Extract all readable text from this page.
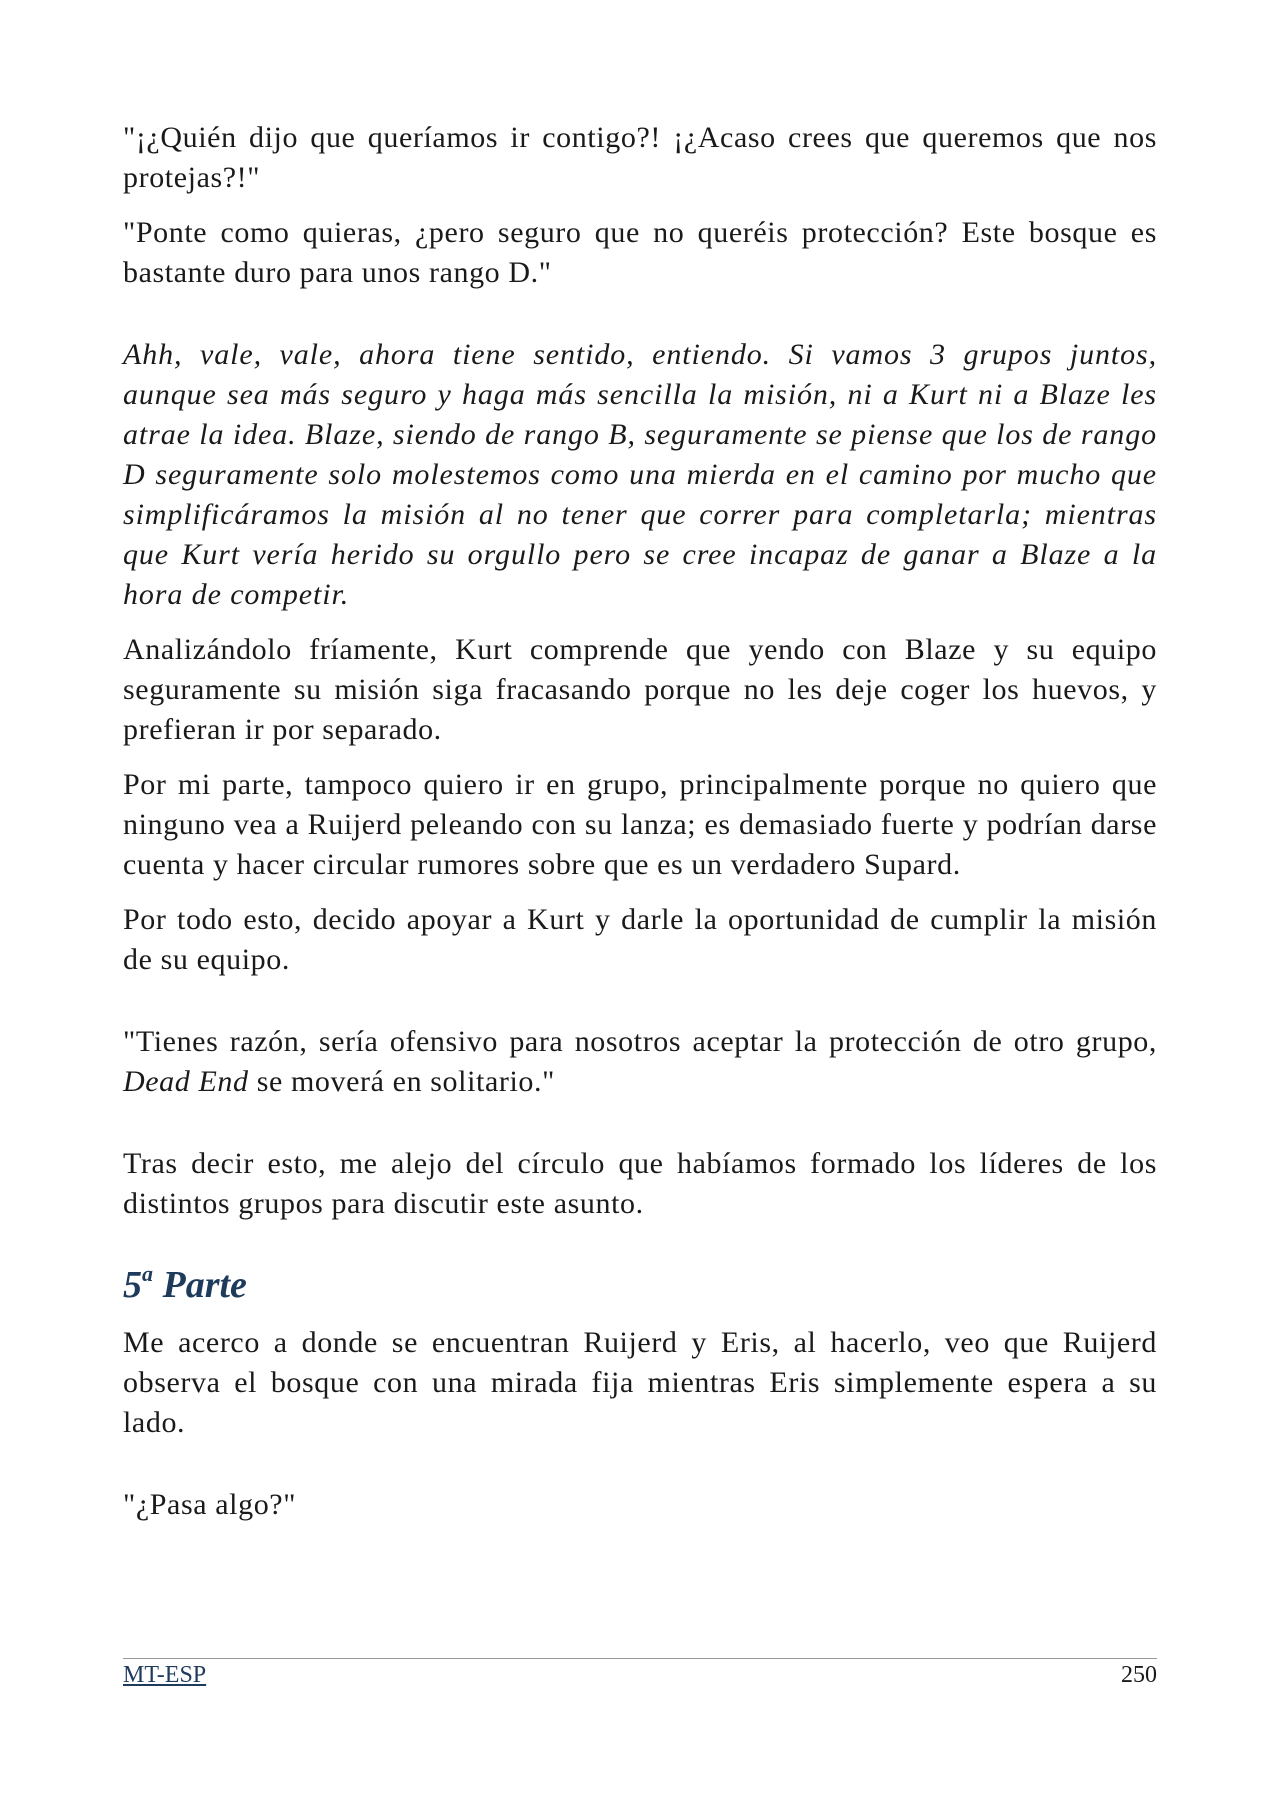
"¡¿Quién dijo que queríamos ir contigo?! ¡¿Acaso crees que queremos que nos protejas?!"

"Ponte como quieras, ¿pero seguro que no queréis protección? Este bosque es bastante duro para unos rango D."

Ahh, vale, vale, ahora tiene sentido, entiendo. Si vamos 3 grupos juntos, aunque sea más seguro y haga más sencilla la misión, ni a Kurt ni a Blaze les atrae la idea. Blaze, siendo de rango B, seguramente se piense que los de rango D seguramente solo molestemos como una mierda en el camino por mucho que simplificáramos la misión al no tener que correr para completarla; mientras que Kurt vería herido su orgullo pero se cree incapaz de ganar a Blaze a la hora de competir.

Analizándolo fríamente, Kurt comprende que yendo con Blaze y su equipo seguramente su misión siga fracasando porque no les deje coger los huevos, y prefieran ir por separado.

Por mi parte, tampoco quiero ir en grupo, principalmente porque no quiero que ninguno vea a Ruijerd peleando con su lanza; es demasiado fuerte y podrían darse cuenta y hacer circular rumores sobre que es un verdadero Supard.

Por todo esto, decido apoyar a Kurt y darle la oportunidad de cumplir la misión de su equipo.

"Tienes razón, sería ofensivo para nosotros aceptar la protección de otro grupo, Dead End se moverá en solitario."

Tras decir esto, me alejo del círculo que habíamos formado los líderes de los distintos grupos para discutir este asunto.

5$^a$ Parte

Me acerco a donde se encuentran Ruijerd y Eris, al hacerlo, veo que Ruijerd observa el bosque con una mirada fija mientras Eris simplemente espera a su lado.

"¿Pasa algo?"

MT-ESP	250
